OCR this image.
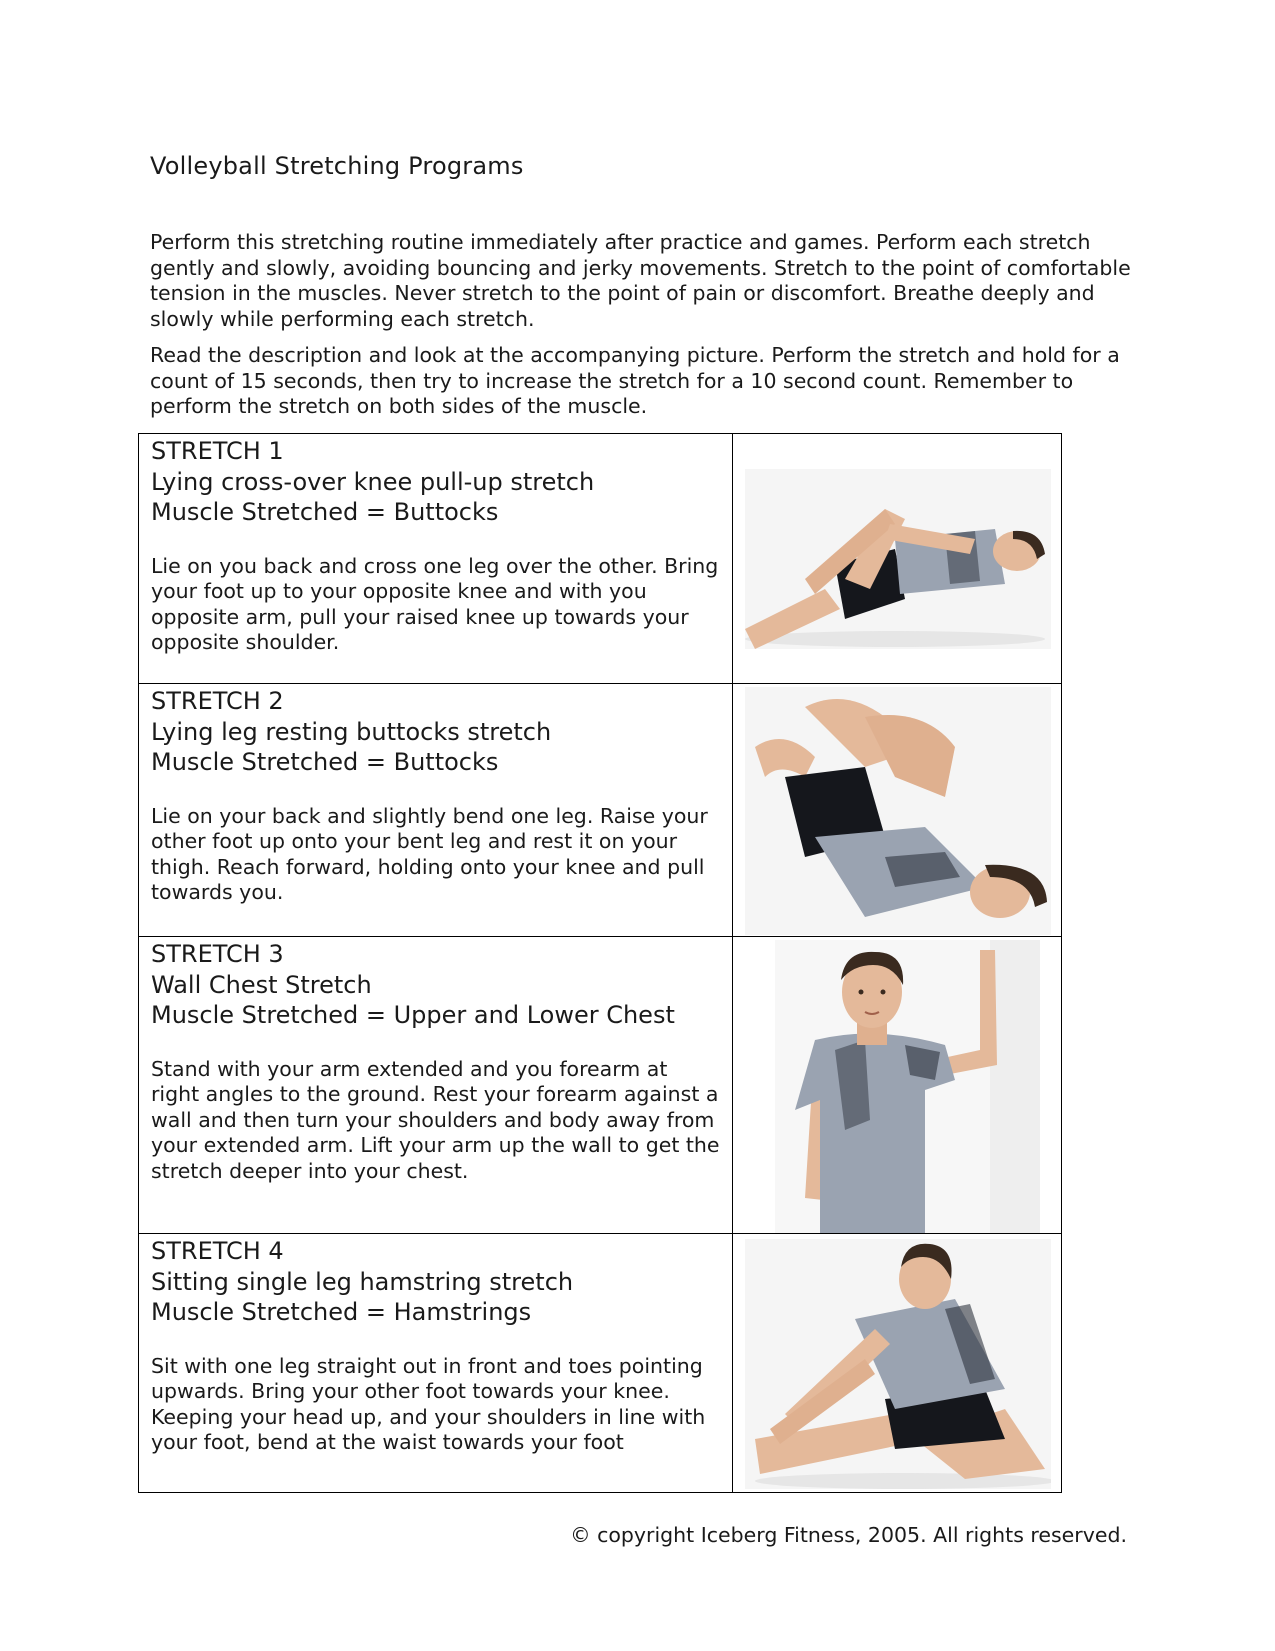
Volleyball Stretching Programs

Perform this stretching routine immediately after practice and games. Perform each stretch gently and slowly, avoiding bouncing and jerky movements. Stretch to the point of comfortable tension in the muscles. Never stretch to the point of pain or discomfort. Breathe deeply and slowly while performing each stretch.

Read the description and look at the accompanying picture. Perform the stretch and hold for a count of 15 seconds, then try to increase the stretch for a 10 second count. Remember to perform the stretch on both sides of the muscle.

STRETCH 1
Lying cross-over knee pull-up stretch
Muscle Stretched = Buttocks

Lie on you back and cross one leg over the other. Bring your foot up to your opposite knee and with you opposite arm, pull your raised knee up towards your opposite shoulder.

STRETCH 2
Lying leg resting buttocks stretch
Muscle Stretched = Buttocks

Lie on your back and slightly bend one leg. Raise your other foot up onto your bent leg and rest it on your thigh. Reach forward, holding onto your knee and pull towards you.

STRETCH 3
Wall Chest Stretch
Muscle Stretched = Upper and Lower Chest

Stand with your arm extended and you forearm at right angles to the ground. Rest your forearm against a wall and then turn your shoulders and body away from your extended arm. Lift your arm up the wall to get the stretch deeper into your chest.

STRETCH 4
Sitting single leg hamstring stretch
Muscle Stretched = Hamstrings

Sit with one leg straight out in front and toes pointing upwards. Bring your other foot towards your knee. Keeping your head up, and your shoulders in line with your foot, bend at the waist towards your foot

© copyright Iceberg Fitness, 2005. All rights reserved.
